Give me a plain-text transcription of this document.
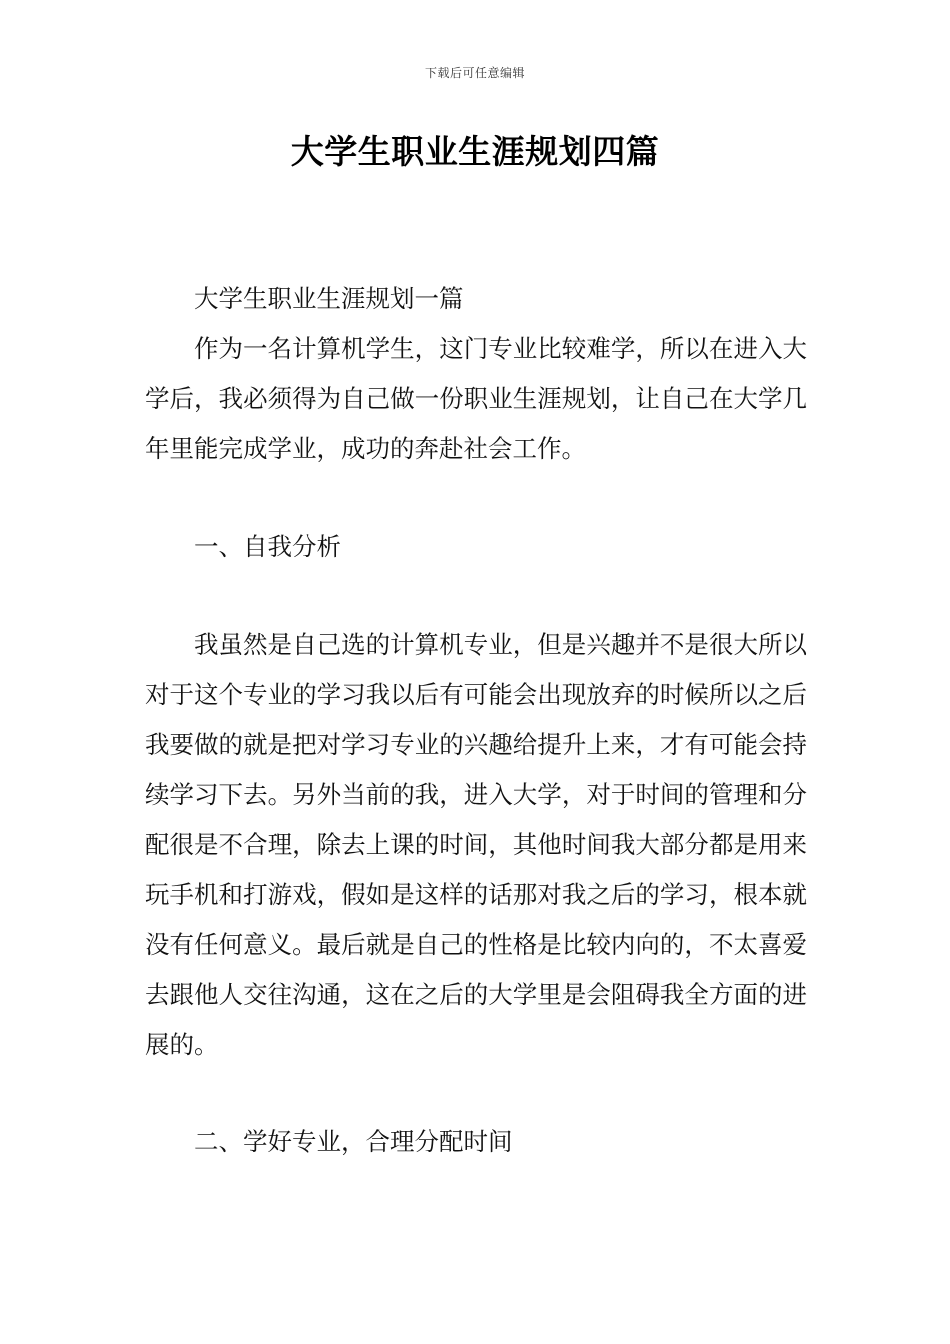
下载后可任意编辑
大学生职业生涯规划四篇

大学生职业生涯规划一篇

作为一名计算机学生，这门专业比较难学，所以在进入大学后，我必须得为自己做一份职业生涯规划，让自己在大学几年里能完成学业，成功的奔赴社会工作。

一、自我分析

我虽然是自己选的计算机专业，但是兴趣并不是很大所以对于这个专业的学习我以后有可能会出现放弃的时候所以之后我要做的就是把对学习专业的兴趣给提升上来，才有可能会持续学习下去。另外当前的我，进入大学，对于时间的管理和分配很是不合理，除去上课的时间，其他时间我大部分都是用来玩手机和打游戏，假如是这样的话那对我之后的学习，根本就没有任何意义。最后就是自己的性格是比较内向的，不太喜爱去跟他人交往沟通，这在之后的大学里是会阻碍我全方面的进展的。

二、学好专业，合理分配时间
